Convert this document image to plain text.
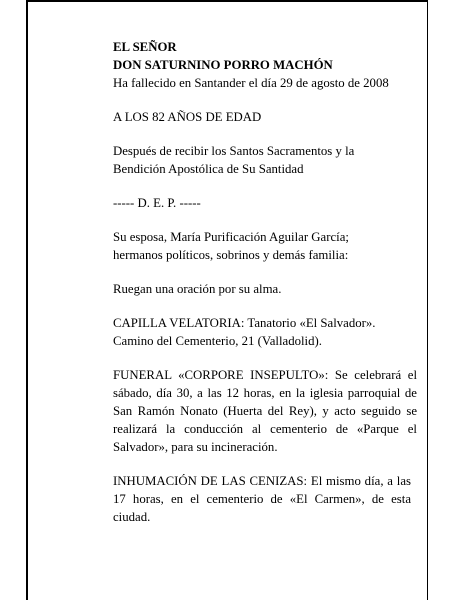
EL SEÑOR
DON SATURNINO PORRO MACHÓN
Ha fallecido en Santander el día 29 de agosto de 2008
A LOS 82 AÑOS DE EDAD
Después de recibir los Santos Sacramentos y la Bendición Apostólica de Su Santidad
----- D. E. P. -----
Su esposa, María Purificación Aguilar García; hermanos políticos, sobrinos y demás familia:
Ruegan una oración por su alma.
CAPILLA VELATORIA: Tanatorio «El Salvador». Camino del Cementerio, 21 (Valladolid).
FUNERAL «CORPORE INSEPULTO»: Se celebrará el sábado, día 30, a las 12 horas, en la iglesia parroquial de San Ramón Nonato (Huerta del Rey), y acto seguido se realizará la conducción al cementerio de «Parque el Salvador», para su incineración.
INHUMACIÓN DE LAS CENIZAS: El mismo día, a las 17 horas, en el cementerio de «El Carmen», de esta ciudad.
